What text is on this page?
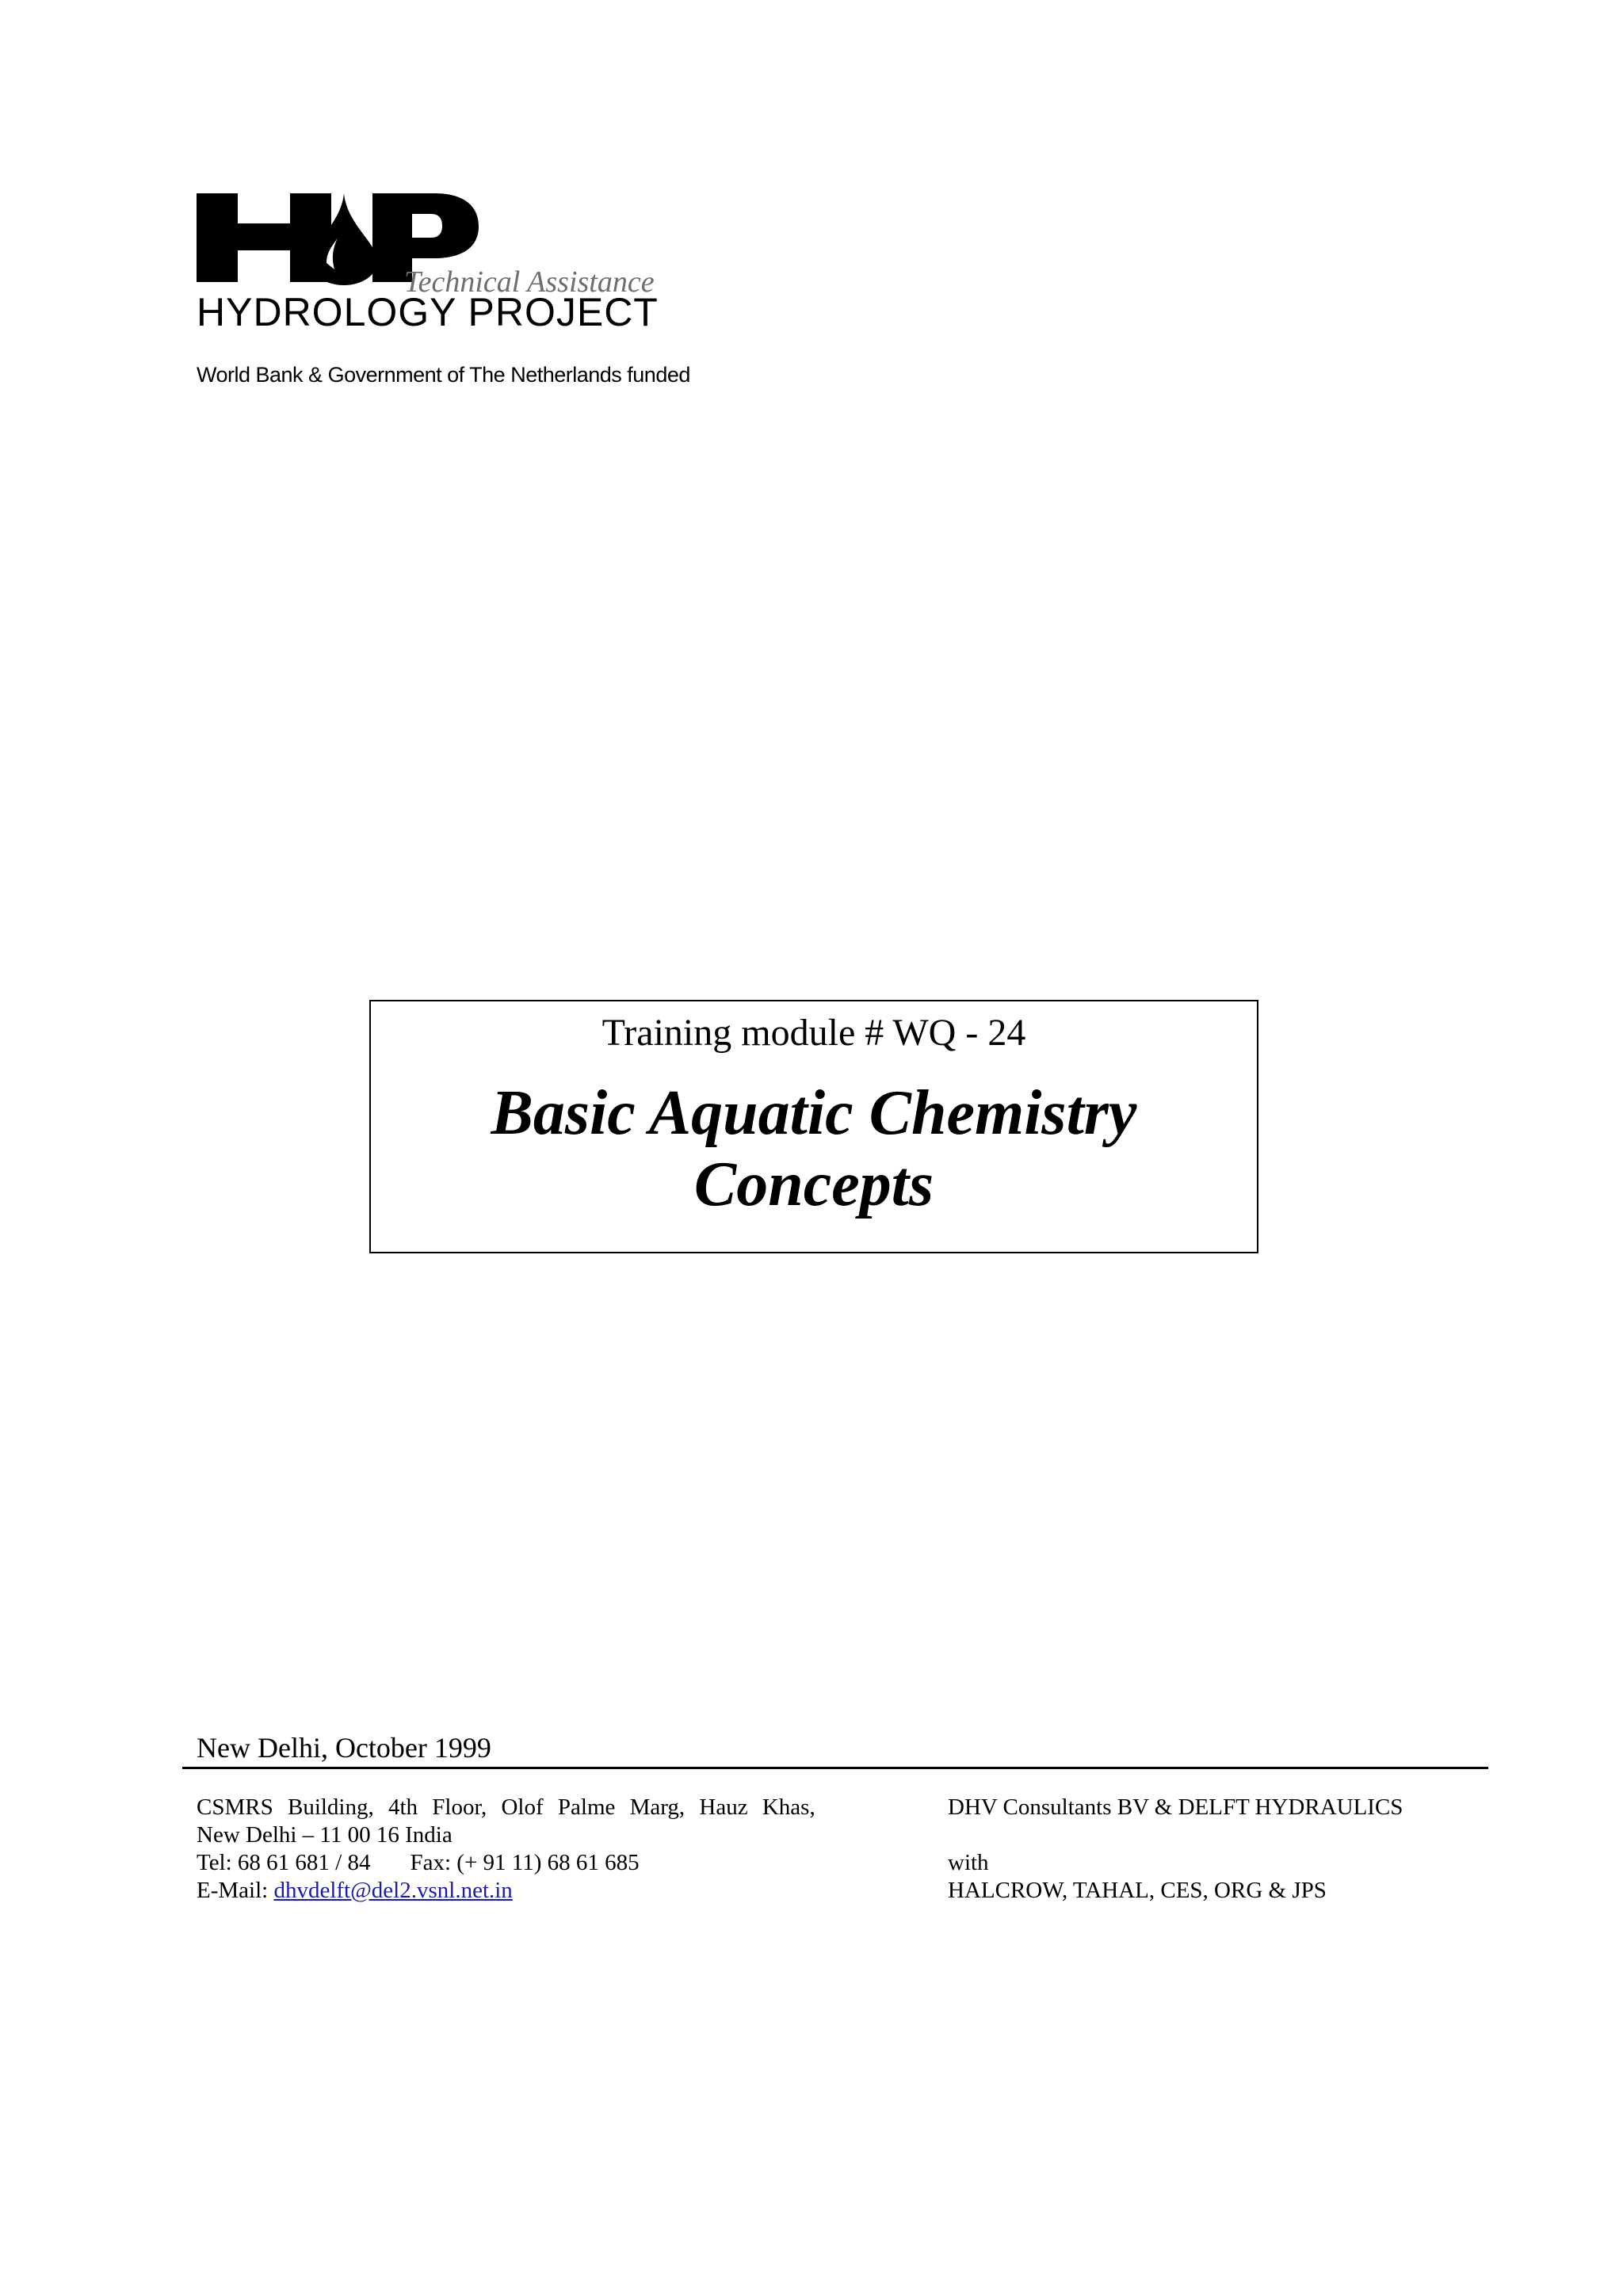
Technical Assistance
HYDROLOGY PROJECT
World Bank & Government of The Netherlands funded
Training module # WQ - 24
Basic Aquatic Chemistry
Concepts
New Delhi, October 1999
CSMRS Building, 4th Floor, Olof Palme Marg, Hauz Khas,
New Delhi – 11 00 16 India
Tel: 68 61 681 / 84 Fax: (+ 91 11) 68 61 685
E-Mail: dhvdelft@del2.vsnl.net.in
DHV Consultants BV & DELFT HYDRAULICS
with
HALCROW, TAHAL, CES, ORG & JPS
